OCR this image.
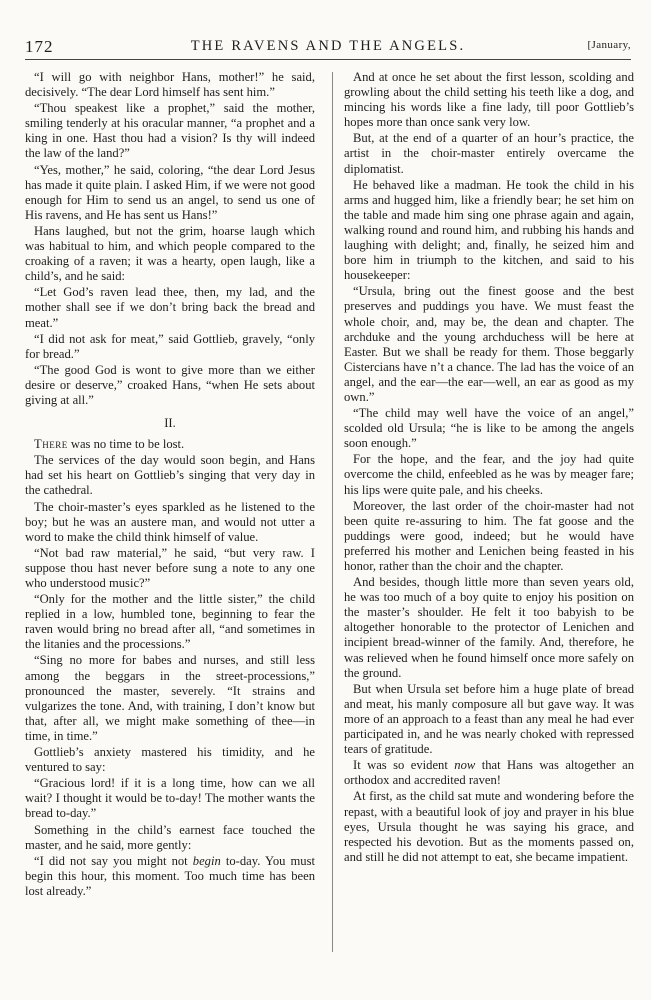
172	THE RAVENS AND THE ANGELS.	[January,

“I will go with neighbor Hans, mother!” he said, decisively. “The dear Lord himself has sent him.”

“Thou speakest like a prophet,” said the mother, smiling tenderly at his oracular manner, “a prophet and a king in one. Hast thou had a vision? Is thy will indeed the law of the land?”

“Yes, mother,” he said, coloring, “the dear Lord Jesus has made it quite plain. I asked Him, if we were not good enough for Him to send us an angel, to send us one of His ravens, and He has sent us Hans!”

Hans laughed, but not the grim, hoarse laugh which was habitual to him, and which people compared to the croaking of a raven; it was a hearty, open laugh, like a child’s, and he said:

“Let God’s raven lead thee, then, my lad, and the mother shall see if we don’t bring back the bread and meat.”

“I did not ask for meat,” said Gottlieb, gravely, “only for bread.”

“The good God is wont to give more than we either desire or deserve,” croaked Hans, “when He sets about giving at all.”

II.

There was no time to be lost.

The services of the day would soon begin, and Hans had set his heart on Gottlieb’s singing that very day in the cathedral.

The choir-master’s eyes sparkled as he listened to the boy; but he was an austere man, and would not utter a word to make the child think himself of value.

“Not bad raw material,” he said, “but very raw. I suppose thou hast never before sung a note to any one who understood music?”

“Only for the mother and the little sister,” the child replied in a low, humbled tone, beginning to fear the raven would bring no bread after all, “and sometimes in the litanies and the processions.”

“Sing no more for babes and nurses, and still less among the beggars in the street-processions,” pronounced the master, severely. “It strains and vulgarizes the tone. And, with training, I don’t know but that, after all, we might make something of thee—in time, in time.”

Gottlieb’s anxiety mastered his timidity, and he ventured to say:

“Gracious lord! if it is a long time, how can we all wait? I thought it would be to-day! The mother wants the bread to-day.”

Something in the child’s earnest face touched the master, and he said, more gently:

“I did not say you might not begin to-day. You must begin this hour, this moment. Too much time has been lost already.”

And at once he set about the first lesson, scolding and growling about the child setting his teeth like a dog, and mincing his words like a fine lady, till poor Gottlieb’s hopes more than once sank very low.

But, at the end of a quarter of an hour’s practice, the artist in the choir-master entirely overcame the diplomatist.

He behaved like a madman. He took the child in his arms and hugged him, like a friendly bear; he set him on the table and made him sing one phrase again and again, walking round and round him, and rubbing his hands and laughing with delight; and, finally, he seized him and bore him in triumph to the kitchen, and said to his housekeeper:

“Ursula, bring out the finest goose and the best preserves and puddings you have. We must feast the whole choir, and, may be, the dean and chapter. The archduke and the young archduchess will be here at Easter. But we shall be ready for them. Those beggarly Cistercians have n’t a chance. The lad has the voice of an angel, and the ear—the ear—well, an ear as good as my own.”

“The child may well have the voice of an angel,” scolded old Ursula; “he is like to be among the angels soon enough.”

For the hope, and the fear, and the joy had quite overcome the child, enfeebled as he was by meager fare; his lips were quite pale, and his cheeks.

Moreover, the last order of the choir-master had not been quite re-assuring to him. The fat goose and the puddings were good, indeed; but he would have preferred his mother and Lenichen being feasted in his honor, rather than the choir and the chapter.

And besides, though little more than seven years old, he was too much of a boy quite to enjoy his position on the master’s shoulder. He felt it too babyish to be altogether honorable to the protector of Lenichen and incipient bread-winner of the family. And, therefore, he was relieved when he found himself once more safely on the ground.

But when Ursula set before him a huge plate of bread and meat, his manly composure all but gave way. It was more of an approach to a feast than any meal he had ever participated in, and he was nearly choked with repressed tears of gratitude.

It was so evident now that Hans was altogether an orthodox and accredited raven!

At first, as the child sat mute and wondering before the repast, with a beautiful look of joy and prayer in his blue eyes, Ursula thought he was saying his grace, and respected his devotion. But as the moments passed on, and still he did not attempt to eat, she became impatient.
